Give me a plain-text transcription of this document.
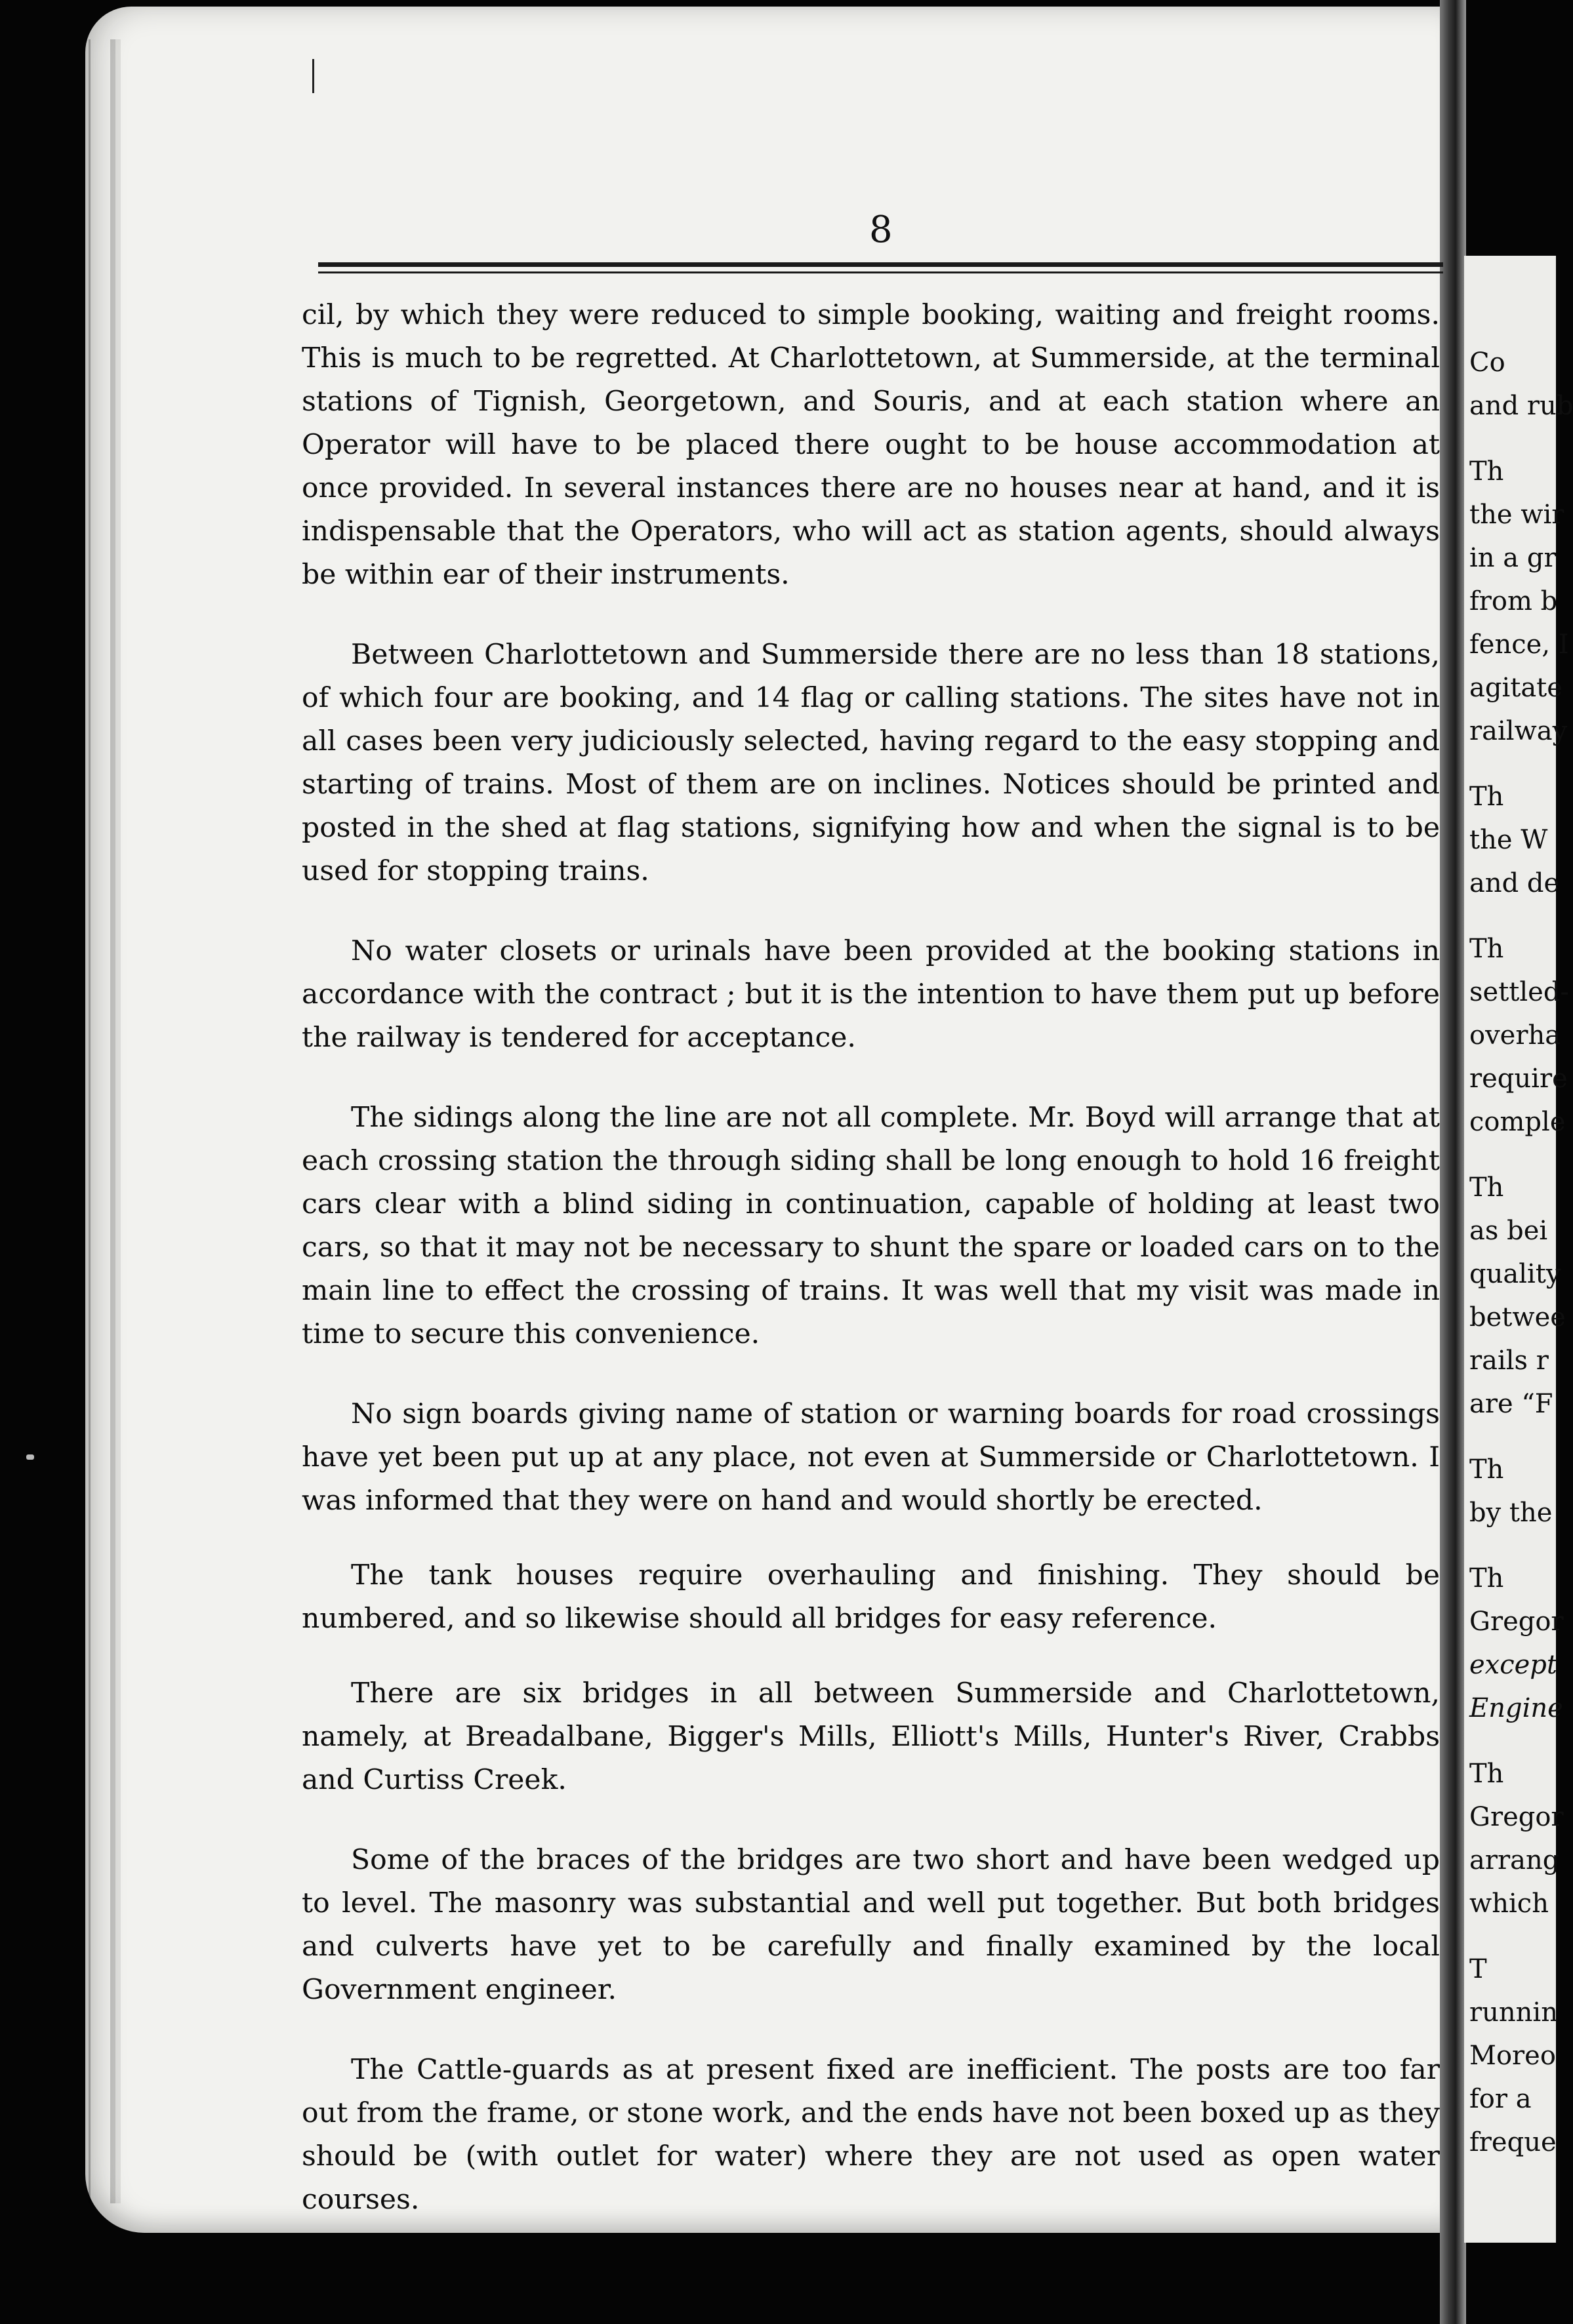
Co
and rub
Th
the wir
in a gr
from b
fence, I
agitate
railway
Th
the W
and de
Th
settled-
overha
require
comple
Th
as bei
quality
betwee
rails r
are “F
Th
by the
Th
Gregor
except
Engine
Th
Gregor
arrang
which
T
runnin
Moreo
for a
freque
8

cil, by which they were reduced to simple booking, waiting and freight rooms. This is much to be regretted. At Charlottetown, at Summerside, at the terminal stations of Tignish, Georgetown, and Souris, and at each station where an Operator will have to be placed there ought to be house accommodation at once provided. In several instances there are no houses near at hand, and it is indispensable that the Operators, who will act as station agents, should always be within ear of their instruments.

Between Charlottetown and Summerside there are no less than 18 stations, of which four are booking, and 14 flag or calling stations. The sites have not in all cases been very judiciously selected, having regard to the easy stopping and starting of trains. Most of them are on inclines. Notices should be printed and posted in the shed at flag stations, signifying how and when the signal is to be used for stopping trains.

No water closets or urinals have been provided at the booking stations in accordance with the contract ; but it is the intention to have them put up before the railway is tendered for acceptance.

The sidings along the line are not all complete. Mr. Boyd will arrange that at each crossing station the through siding shall be long enough to hold 16 freight cars clear with a blind siding in continuation, capable of holding at least two cars, so that it may not be necessary to shunt the spare or loaded cars on to the main line to effect the crossing of trains. It was well that my visit was made in time to secure this convenience.

No sign boards giving name of station or warning boards for road crossings have yet been put up at any place, not even at Summerside or Charlottetown. I was informed that they were on hand and would shortly be erected.

The tank houses require overhauling and finishing. They should be numbered, and so likewise should all bridges for easy reference.

There are six bridges in all between Summerside and Charlottetown, namely, at Breadalbane, Bigger's Mills, Elliott's Mills, Hunter's River, Crabbs and Curtiss Creek.

Some of the braces of the bridges are two short and have been wedged up to level. The masonry was substantial and well put together. But both bridges and culverts have yet to be carefully and finally examined by the local Government engineer.

The Cattle-guards as at present fixed are inefficient. The posts are too far out from the frame, or stone work, and the ends have not been boxed up as they should be (with outlet for water) where they are not used as open water courses.
